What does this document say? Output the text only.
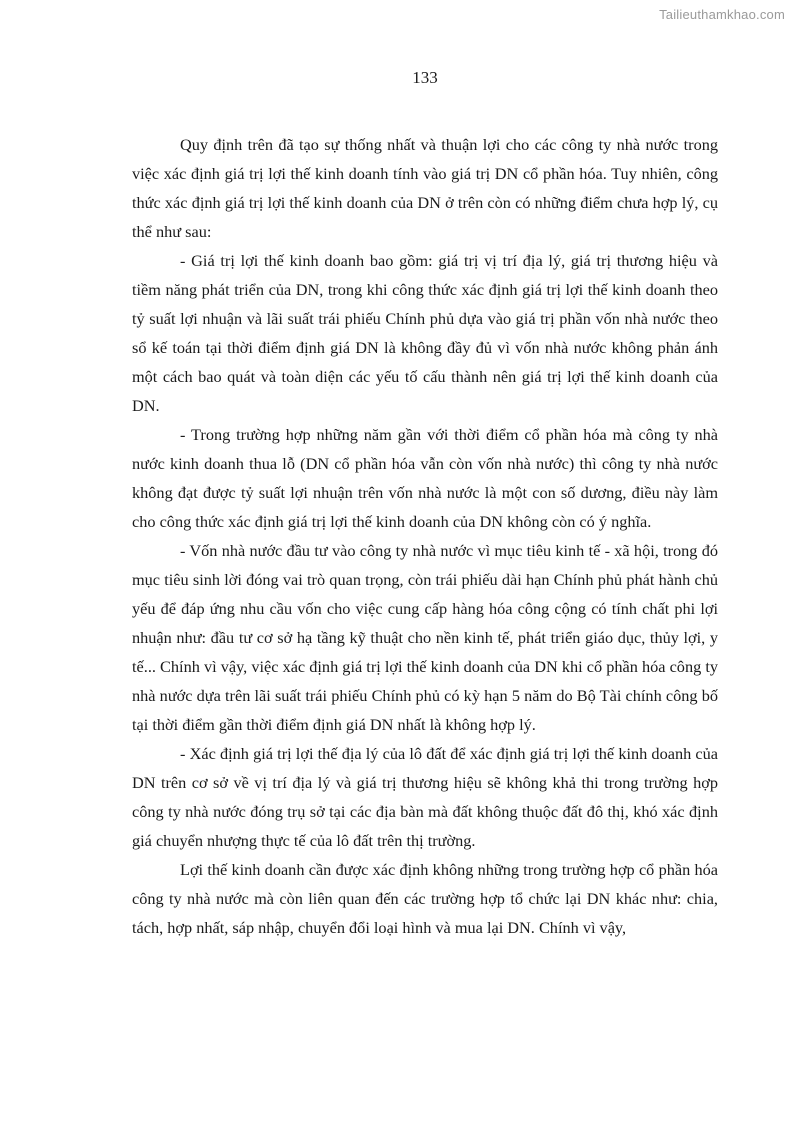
Tailieuthamkhao.com
133

Quy định trên đã tạo sự thống nhất và thuận lợi cho các công ty nhà nước trong việc xác định giá trị lợi thế kinh doanh tính vào giá trị DN cổ phần hóa. Tuy nhiên, công thức xác định giá trị lợi thế kinh doanh của DN ở trên còn có những điểm chưa hợp lý, cụ thể như sau:

- Giá trị lợi thế kinh doanh bao gồm: giá trị vị trí địa lý, giá trị thương hiệu và tiềm năng phát triển của DN, trong khi công thức xác định giá trị lợi thế kinh doanh theo tỷ suất lợi nhuận và lãi suất trái phiếu Chính phủ dựa vào giá trị phần vốn nhà nước theo sổ kế toán tại thời điểm định giá DN là không đầy đủ vì vốn nhà nước không phản ánh một cách bao quát và toàn diện các yếu tố cấu thành nên giá trị lợi thế kinh doanh của DN.

- Trong trường hợp những năm gần với thời điểm cổ phần hóa mà công ty nhà nước kinh doanh thua lỗ (DN cổ phần hóa vẫn còn vốn nhà nước) thì công ty nhà nước không đạt được tỷ suất lợi nhuận trên vốn nhà nước là một con số dương, điều này làm cho công thức xác định giá trị lợi thế kinh doanh của DN không còn có ý nghĩa.

- Vốn nhà nước đầu tư vào công ty nhà nước vì mục tiêu kinh tế - xã hội, trong đó mục tiêu sinh lời đóng vai trò quan trọng, còn trái phiếu dài hạn Chính phủ phát hành chủ yếu để đáp ứng nhu cầu vốn cho việc cung cấp hàng hóa công cộng có tính chất phi lợi nhuận như: đầu tư cơ sở hạ tầng kỹ thuật cho nền kinh tế, phát triển giáo dục, thủy lợi, y tế... Chính vì vậy, việc xác định giá trị lợi thế kinh doanh của DN khi cổ phần hóa công ty nhà nước dựa trên lãi suất trái phiếu Chính phủ có kỳ hạn 5 năm do Bộ Tài chính công bố tại thời điểm gần thời điểm định giá DN nhất là không hợp lý.

- Xác định giá trị lợi thế địa lý của lô đất để xác định giá trị lợi thế kinh doanh của DN trên cơ sở về vị trí địa lý và giá trị thương hiệu sẽ không khả thi trong trường hợp công ty nhà nước đóng trụ sở tại các địa bàn mà đất không thuộc đất đô thị, khó xác định giá chuyển nhượng thực tế của lô đất trên thị trường.

Lợi thế kinh doanh cần được xác định không những trong trường hợp cổ phần hóa công ty nhà nước mà còn liên quan đến các trường hợp tổ chức lại DN khác như: chia, tách, hợp nhất, sáp nhập, chuyển đổi loại hình và mua lại DN. Chính vì vậy,
